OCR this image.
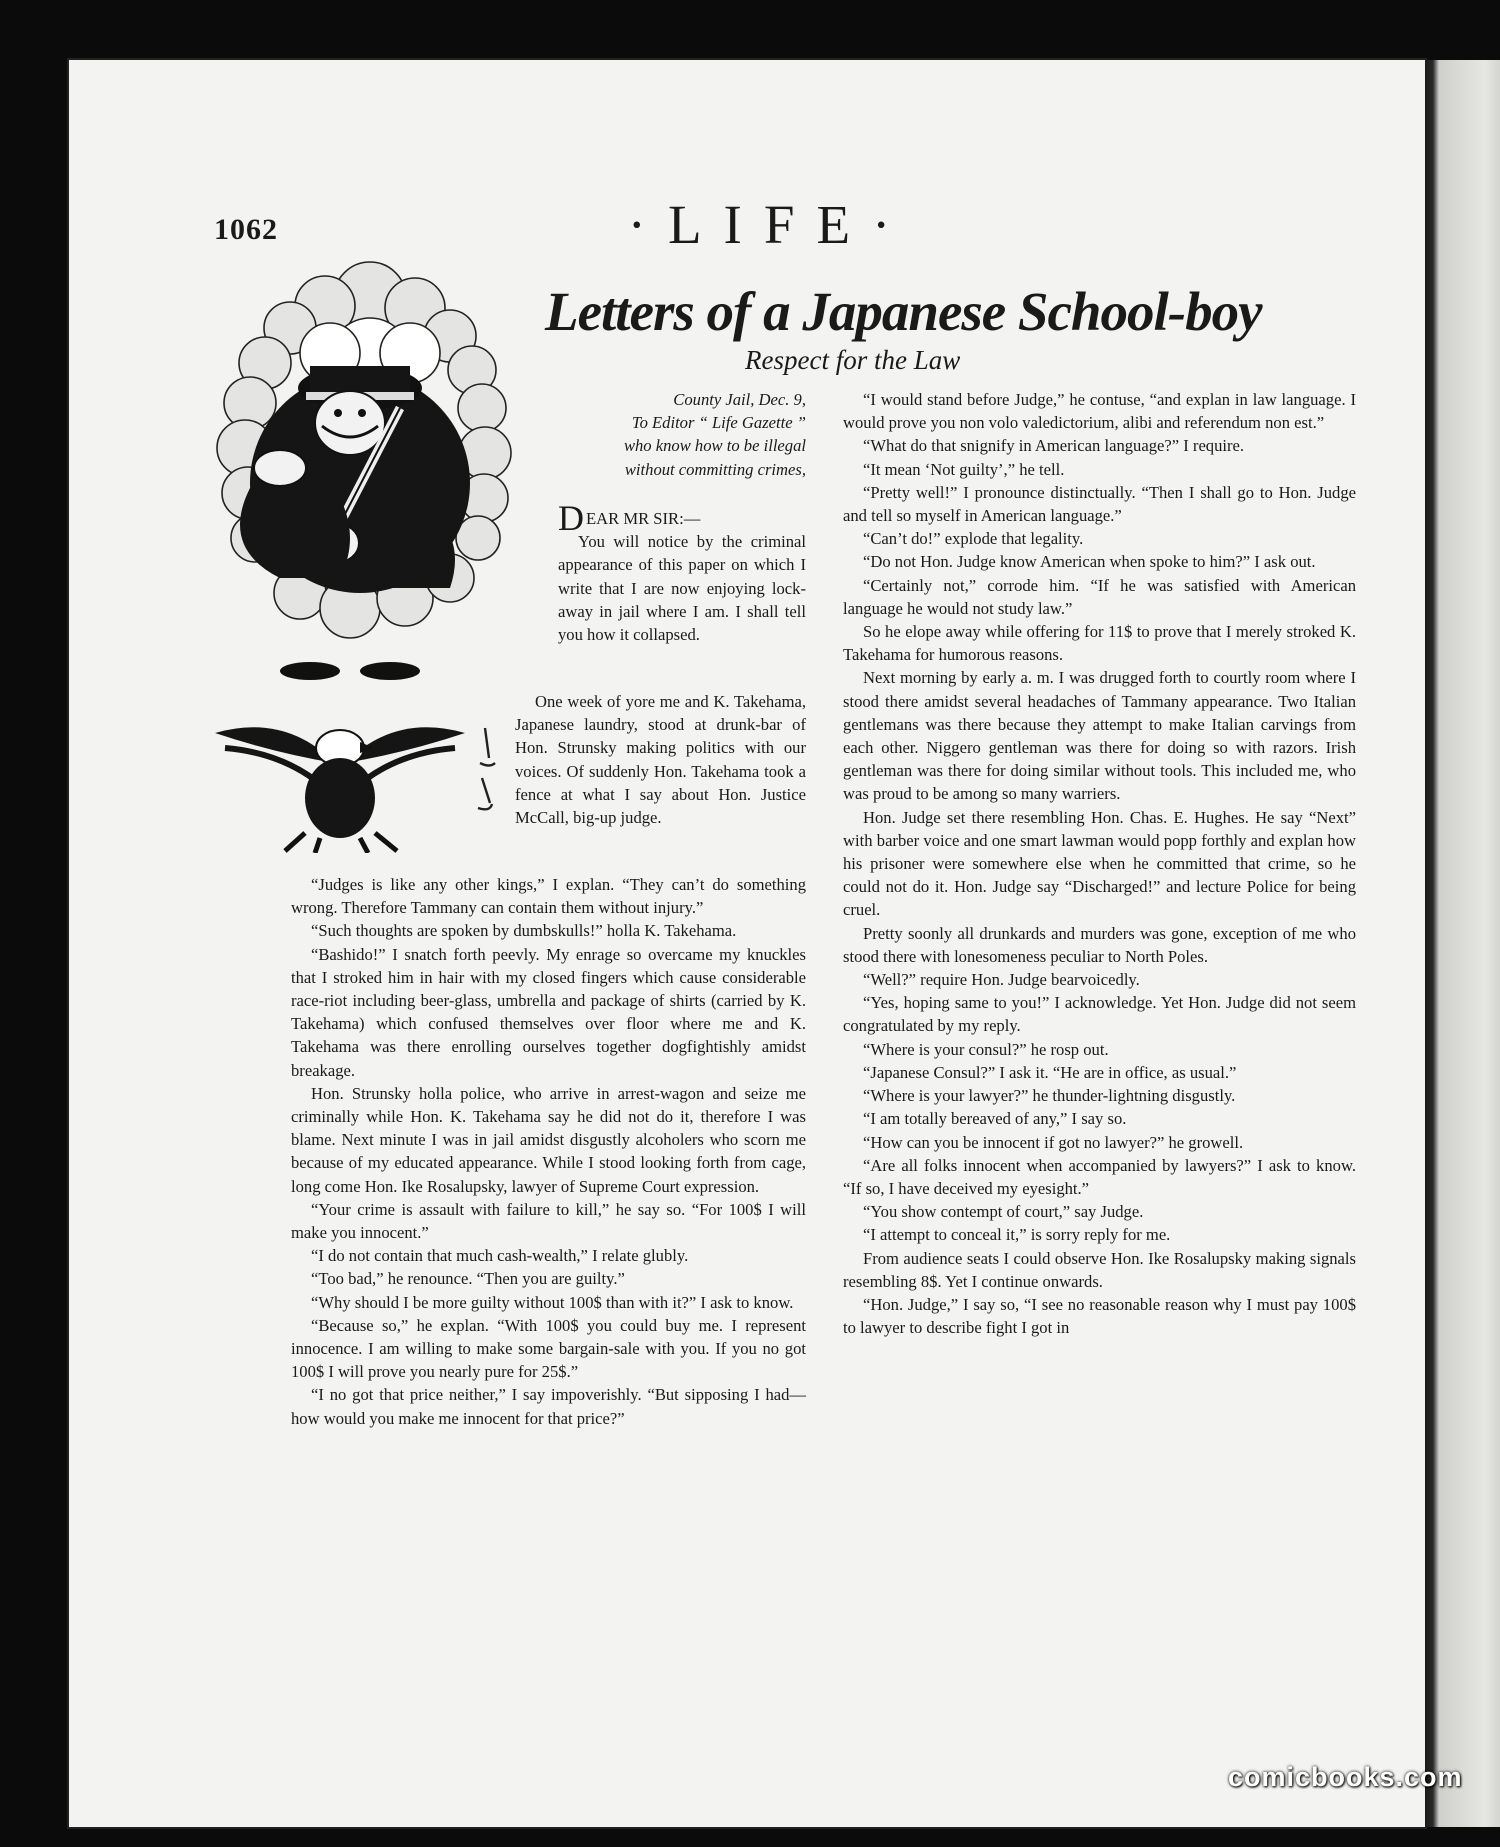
1062	·LIFE·
Letters of a Japanese School-boy
Respect for the Law
County Jail, Dec. 9,
To Editor “ Life Gazette ”
who know how to be illegal
without committing crimes,

DEAR MR SIR:—

You will notice by the criminal appearance of this paper on which I write that I are now enjoying lock-away in jail where I am. I shall tell you how it collapsed.

One week of yore me and K. Takehama, Japanese laundry, stood at drunk-bar of Hon. Strunsky making politics with our voices. Of suddenly Hon. Takehama took a fence at what I say about Hon. Justice McCall, big-up judge.

“Judges is like any other kings,” I explan. “They can’t do something wrong. Therefore Tammany can contain them without injury.”

“Such thoughts are spoken by dumbskulls!” holla K. Takehama.

“Bashido!” I snatch forth peevly. My enrage so overcame my knuckles that I stroked him in hair with my closed fingers which cause considerable race-riot including beer-glass, umbrella and package of shirts (carried by K. Takehama) which confused themselves over floor where me and K. Takehama was there enrolling ourselves together dogfightishly amidst breakage.

Hon. Strunsky holla police, who arrive in arrest-wagon and seize me criminally while Hon. K. Takehama say he did not do it, therefore I was blame. Next minute I was in jail amidst disgustly alcoholers who scorn me because of my educated appearance. While I stood looking forth from cage, long come Hon. Ike Rosalupsky, lawyer of Supreme Court expression.

“Your crime is assault with failure to kill,” he say so. “For 100$ I will make you innocent.”

“I do not contain that much cash-wealth,” I relate glubly.

“Too bad,” he renounce. “Then you are guilty.”

“Why should I be more guilty without 100$ than with it?” I ask to know.

“Because so,” he explan. “With 100$ you could buy me. I represent innocence. I am willing to make some bargain-sale with you. If you no got 100$ I will prove you nearly pure for 25$.”

“I no got that price neither,” I say impoverishly. “But sipposing I had—how would you make me innocent for that price?”

“I would stand before Judge,” he contuse, “and explan in law language. I would prove you non volo valedictorium, alibi and referendum non est.”

“What do that snignify in American language?” I require.

“It mean ‘Not guilty’,” he tell.

“Pretty well!” I pronounce distinctually. “Then I shall go to Hon. Judge and tell so myself in American language.”

“Can’t do!” explode that legality.

“Do not Hon. Judge know American when spoke to him?” I ask out.

“Certainly not,” corrode him. “If he was satisfied with American language he would not study law.”

So he elope away while offering for 11$ to prove that I merely stroked K. Takehama for humorous reasons.

Next morning by early a. m. I was drugged forth to courtly room where I stood there amidst several headaches of Tammany appearance. Two Italian gentlemans was there because they attempt to make Italian carvings from each other. Niggero gentleman was there for doing so with razors. Irish gentleman was there for doing similar without tools. This included me, who was proud to be among so many warriers.

Hon. Judge set there resembling Hon. Chas. E. Hughes. He say “Next” with barber voice and one smart lawman would popp forthly and explan how his prisoner were somewhere else when he committed that crime, so he could not do it. Hon. Judge say “Discharged!” and lecture Police for being cruel.

Pretty soonly all drunkards and murders was gone, exception of me who stood there with lonesomeness peculiar to North Poles.

“Well?” require Hon. Judge bearvoicedly.

“Yes, hoping same to you!” I acknowledge. Yet Hon. Judge did not seem congratulated by my reply.

“Where is your consul?” he rosp out.

“Japanese Consul?” I ask it. “He are in office, as usual.”

“Where is your lawyer?” he thunder-lightning disgustly.

“I am totally bereaved of any,” I say so.

“How can you be innocent if got no lawyer?” he growell.

“Are all folks innocent when accompanied by lawyers?” I ask to know. “If so, I have deceived my eyesight.”

“You show contempt of court,” say Judge.

“I attempt to conceal it,” is sorry reply for me.

From audience seats I could observe Hon. Ike Rosalupsky making signals resembling 8$. Yet I continue onwards.

“Hon. Judge,” I say so, “I see no reasonable reason why I must pay 100$ to lawyer to describe fight I got in

comicbooks.com
